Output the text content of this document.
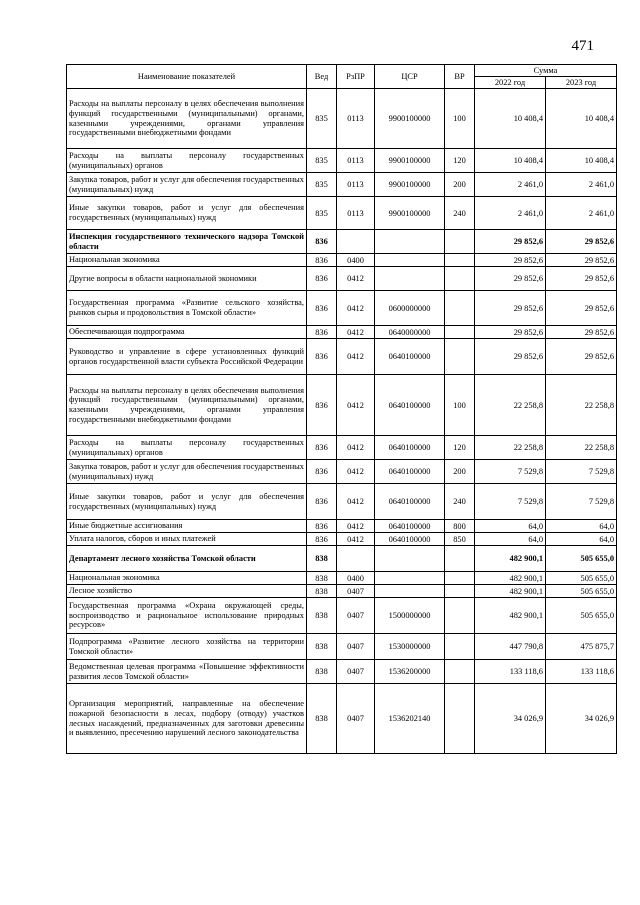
471
Наименование показателей	Вед	РзПР	ЦСР	ВР	Сумма	
					2022 год	2023 год
Расходы на выплаты персоналу в целях обеспечения выполнения функций государственными (муниципальными) органами, казенными учреждениями, органами управления государственными внебюджетными фондами	835	0113	9900100000	100	10 408,4	10 408,4
Расходы на выплаты персоналу государственных (муниципальных) органов	835	0113	9900100000	120	10 408,4	10 408,4
Закупка товаров, работ и услуг для обеспечения государственных (муниципальных) нужд	835	0113	9900100000	200	2 461,0	2 461,0
Иные закупки товаров, работ и услуг для обеспечения государственных (муниципальных) нужд	835	0113	9900100000	240	2 461,0	2 461,0
Инспекция государственного технического надзора Томской области	836				29 852,6	29 852,6
Национальная экономика	836	0400			29 852,6	29 852,6
Другие вопросы в области национальной экономики	836	0412			29 852,6	29 852,6
Государственная программа «Развитие сельского хозяйства, рынков сырья и продовольствия в Томской области»	836	0412	0600000000		29 852,6	29 852,6
Обеспечивающая подпрограмма	836	0412	0640000000		29 852,6	29 852,6
Руководство и управление в сфере установленных функций органов государственной власти субъекта Российской Федерации	836	0412	0640100000		29 852,6	29 852,6
Расходы на выплаты персоналу в целях обеспечения выполнения функций государственными (муниципальными) органами, казенными учреждениями, органами управления государственными внебюджетными фондами	836	0412	0640100000	100	22 258,8	22 258,8
Расходы на выплаты персоналу государственных (муниципальных) органов	836	0412	0640100000	120	22 258,8	22 258,8
Закупка товаров, работ и услуг для обеспечения государственных (муниципальных) нужд	836	0412	0640100000	200	7 529,8	7 529,8
Иные закупки товаров, работ и услуг для обеспечения государственных (муниципальных) нужд	836	0412	0640100000	240	7 529,8	7 529,8
Иные бюджетные ассигнования	836	0412	0640100000	800	64,0	64,0
Уплата налогов, сборов и иных платежей	836	0412	0640100000	850	64,0	64,0
Департамент лесного хозяйства Томской области	838				482 900,1	505 655,0
Национальная экономика	838	0400			482 900,1	505 655,0
Лесное хозяйство	838	0407			482 900,1	505 655,0
Государственная программа «Охрана окружающей среды, воспроизводство и рациональное использование природных ресурсов»	838	0407	1500000000		482 900,1	505 655,0
Подпрограмма «Развитие лесного хозяйства на территории Томской области»	838	0407	1530000000		447 790,8	475 875,7
Ведомственная целевая программа «Повышение эффективности развития лесов Томской области»	838	0407	1536200000		133 118,6	133 118,6
Организация мероприятий, направленные на обеспечение пожарной безопасности в лесах, подбору (отводу) участков лесных насаждений, предназначенных для заготовки древесины и выявлению, пресечению нарушений лесного законодательства	838	0407	1536202140		34 026,9	34 026,9
